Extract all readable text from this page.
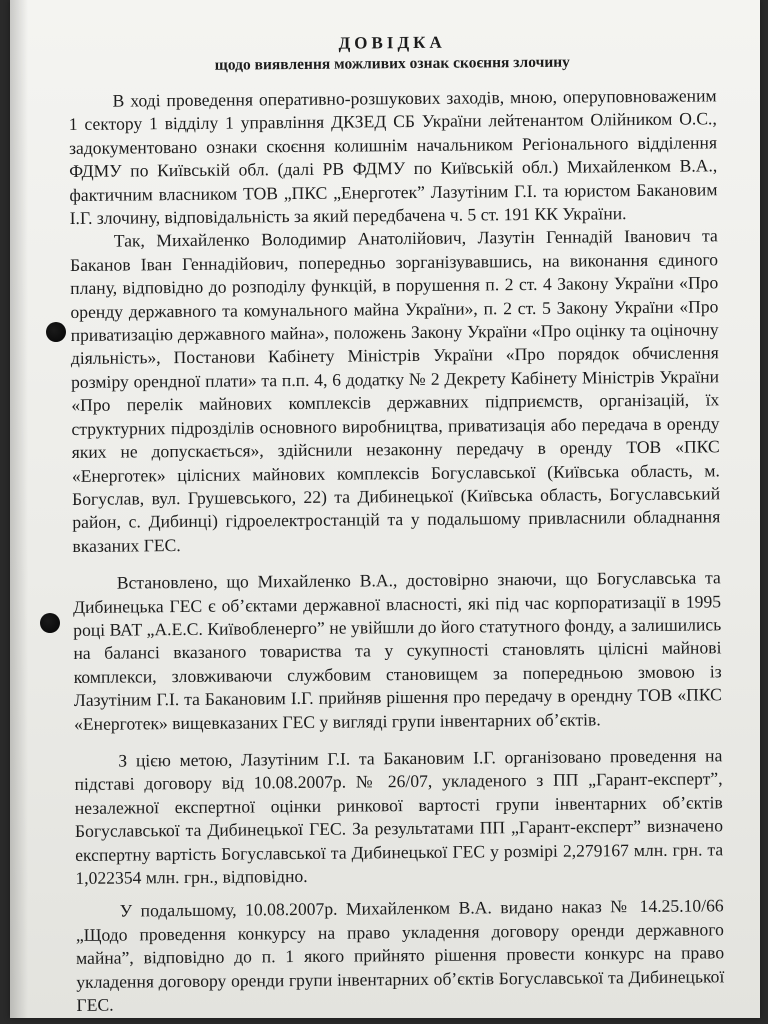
ДОВІДКА
щодо виявлення можливих ознак скоєння злочину

В ході проведення оперативно-розшукових заходів, мною, оперуповноваженим 1 сектору 1 відділу 1 управління ДКЗЕД СБ України лейтенантом Олійником О.С., задокументовано ознаки скоєння колишнім начальником Регіонального відділення ФДМУ по Київській обл. (далі РВ ФДМУ по Київській обл.) Михайленком В.А., фактичним власником ТОВ „ПКС „Енерготек” Лазутіним Г.І. та юристом Бакановим І.Г. злочину, відповідальність за який передбачена ч. 5 ст. 191 КК України.

Так, Михайленко Володимир Анатолійович, Лазутін Геннадій Іванович та Баканов Іван Геннадійович, попередньо зорганізувавшись, на виконання єдиного плану, відповідно до розподілу функцій, в порушення п. 2 ст. 4 Закону України «Про оренду державного та комунального майна України», п. 2 ст. 5 Закону України «Про приватизацію державного майна», положень Закону України «Про оцінку та оціночну діяльність», Постанови Кабінету Міністрів України «Про порядок обчислення розміру орендної плати» та п.п. 4, 6 додатку № 2 Декрету Кабінету Міністрів України «Про перелік майнових комплексів державних підприємств, організацій, їх структурних підрозділів основного виробництва, приватизація або передача в оренду яких не допускається», здійснили незаконну передачу в оренду ТОВ «ПКС «Енерготек» цілісних майнових комплексів Богуславської (Київська область, м. Богуслав, вул. Грушевського, 22) та Дибинецької (Київська область, Богуславський район, с. Дибинці) гідроелектростанцій та у подальшому привласнили обладнання вказаних ГЕС.

Встановлено, що Михайленко В.А., достовірно знаючи, що Богуславська та Дибинецька ГЕС є об’єктами державної власності, які під час корпоратизації в 1995 році ВАТ „А.Е.С. Київобленерго” не увійшли до його статутного фонду, а залишились на балансі вказаного товариства та у сукупності становлять цілісні майнові комплекси, зловживаючи службовим становищем за попередньою змовою із Лазутіним Г.І. та Бакановим І.Г. прийняв рішення про передачу в орендну ТОВ «ПКС «Енерготек» вищевказаних ГЕС у вигляді групи інвентарних об’єктів.

З цією метою, Лазутіним Г.І. та Бакановим І.Г. організовано проведення на підставі договору від 10.08.2007р. № 26/07, укладеного з ПП „Гарант-експерт”, незалежної експертної оцінки ринкової вартості групи інвентарних об’єктів Богуславської та Дибинецької ГЕС. За результатами ПП „Гарант-експерт” визначено експертну вартість Богуславської та Дибинецької ГЕС у розмірі 2,279167 млн. грн. та 1,022354 млн. грн., відповідно.

У подальшому, 10.08.2007р. Михайленком В.А. видано наказ № 14.25.10/66 „Щодо проведення конкурсу на право укладення договору оренди державного майна”, відповідно до п. 1 якого прийнято рішення провести конкурс на право укладення договору оренди групи інвентарних об’єктів Богуславської та Дибинецької ГЕС.
